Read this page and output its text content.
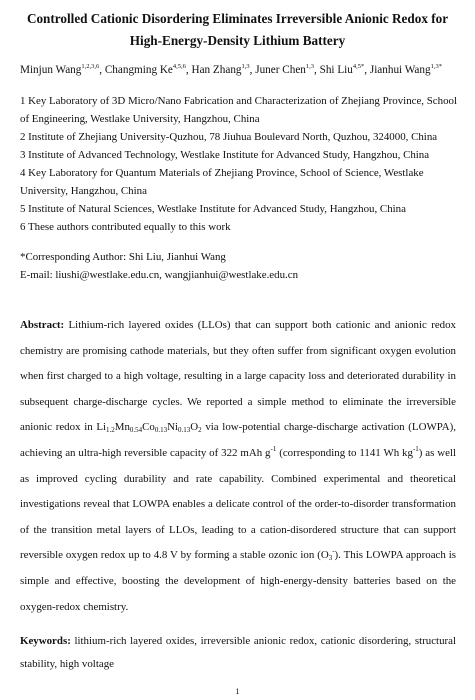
Controlled Cationic Disordering Eliminates Irreversible Anionic Redox for
High-Energy-Density Lithium Battery
Minjun Wang$^{1,2,3,6}$, Changming Ke$^{4,5,6}$, Han Zhang$^{1,3}$, Juner Chen$^{1,3}$, Shi Liu$^{4,5*}$, Jianhui Wang$^{1,3*}$
1 Key Laboratory of 3D Micro/Nano Fabrication and Characterization of Zhejiang Province, School of Engineering, Westlake University, Hangzhou, China
2 Institute of Zhejiang University-Quzhou, 78 Jiuhua Boulevard North, Quzhou, 324000, China
3 Institute of Advanced Technology, Westlake Institute for Advanced Study, Hangzhou, China
4 Key Laboratory for Quantum Materials of Zhejiang Province, School of Science, Westlake University, Hangzhou, China
5 Institute of Natural Sciences, Westlake Institute for Advanced Study, Hangzhou, China
6 These authors contributed equally to this work
*Corresponding Author: Shi Liu, Jianhui Wang
E-mail: liushi@westlake.edu.cn, wangjianhui@westlake.edu.cn

Abstract: Lithium-rich layered oxides (LLOs) that can support both cationic and anionic redox chemistry are promising cathode materials, but they often suffer from significant oxygen evolution when first charged to a high voltage, resulting in a large capacity loss and deteriorated durability in subsequent charge-discharge cycles. We reported a simple method to eliminate the irreversible anionic redox in $Li_{1.2}Mn_{0.54}Co_{0.13}Ni_{0.13}O_2$ via low-potential charge-discharge activation (LOWPA), achieving an ultra-high reversible capacity of 322 mAh $g^{-1}$ (corresponding to 1141 Wh $kg^{-1}$) as well as improved cycling durability and rate capability. Combined experimental and theoretical investigations reveal that LOWPA enables a delicate control of the order-to-disorder transformation of the transition metal layers of LLOs, leading to a cation-disordered structure that can support reversible oxygen redox up to 4.8 V by forming a stable ozonic ion $(O_3^-)$. This LOWPA approach is simple and effective, boosting the development of high-energy-density batteries based on the oxygen-redox chemistry.

Keywords: lithium-rich layered oxides, irreversible anionic redox, cationic disordering, structural stability, high voltage

1
